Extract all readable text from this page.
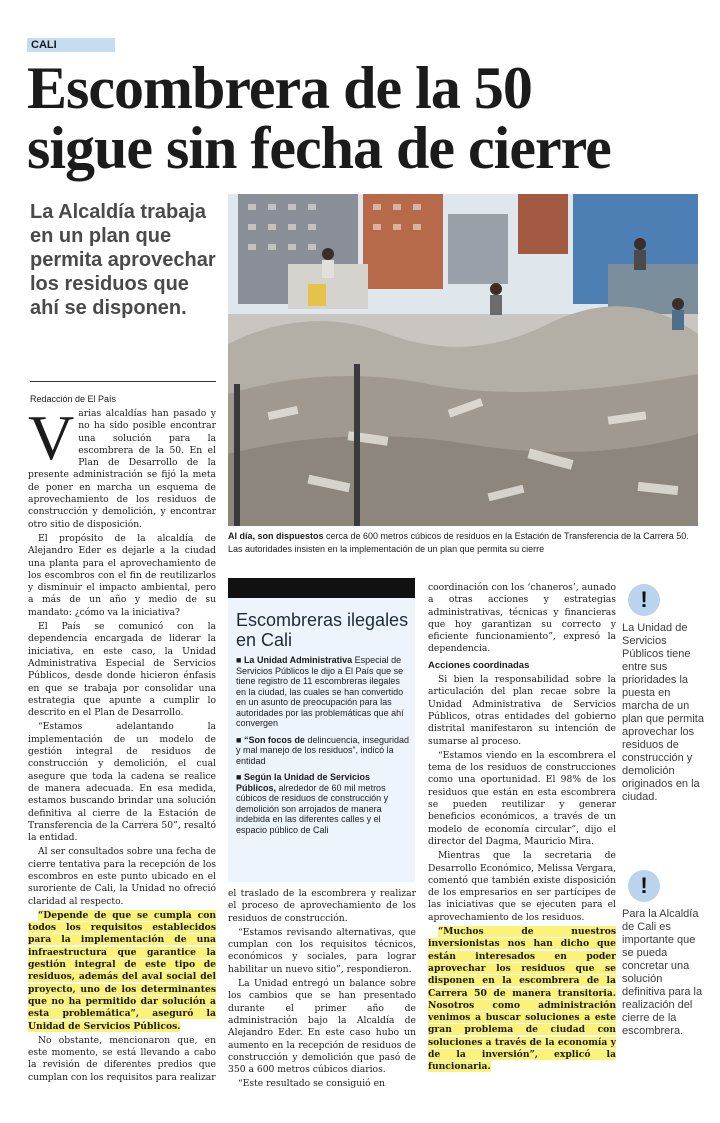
CALI
Escombrera de la 50
sigue sin fecha de cierre
La Alcaldía trabaja en un plan que permita aprovechar los residuos que ahí se disponen.
Redacción de El País
V arias alcaldías han pasado y no ha sido posible encontrar una solución para la escombrera de la 50. En el Plan de Desarrollo de la presente administración se fijó la meta de poner en marcha un esquema de aprovechamiento de los residuos de construcción y demolición, y encontrar otro sitio de disposición.

El propósito de la alcaldía de Alejandro Eder es dejarle a la ciudad una planta para el aprovechamiento de los escombros con el fin de reutilizarlos y disminuir el impacto ambiental, pero a más de un año y medio de su mandato: ¿cómo va la iniciativa?

El País se comunicó con la dependencia encargada de liderar la iniciativa, en este caso, la Unidad Administrativa Especial de Servicios Públicos, desde donde hicieron énfasis en que se trabaja por consolidar una estrategia que apunte a cumplir lo descrito en el Plan de Desarrollo.

“Estamos adelantando la implementación de un modelo de gestión integral de residuos de construcción y demolición, el cual asegure que toda la cadena se realice de manera adecuada. En esa medida, estamos buscando brindar una solución definitiva al cierre de la Estación de Transferencia de la Carrera 50”, resaltó la entidad.

Al ser consultados sobre una fecha de cierre tentativa para la recepción de los escombros en este punto ubicado en el suroriente de Cali, la Unidad no ofreció claridad al respecto.

“Depende de que se cumpla con todos los requisitos establecidos para la implementación de una infraestructura que garantice la gestión integral de este tipo de residuos, además del aval social del proyecto, uno de los determinantes que no ha permitido dar solución a esta problemática”, aseguró la Unidad de Servicios Públicos.

No obstante, mencionaron que, en este momento, se está llevando a cabo la revisión de diferentes predios que cumplan con los requisitos para realizar

Al día, son dispuestos cerca de 600 metros cúbicos de residuos en la Estación de Transferencia de la Carrera 50. Las autoridades insisten en la implementación de un plan que permita su cierre
Escombreras ilegales en Cali
■ La Unidad Administrativa Especial de Servicios Públicos le dijo a El País que se tiene registro de 11 escombreras ilegales en la ciudad, las cuales se han convertido en un asunto de preocupación para las autoridades por las problemáticas que ahí convergen
■ “Son focos de delincuencia, inseguridad y mal manejo de los residuos”, indicó la entidad
■ Según la Unidad de Servicios Públicos, alrededor de 60 mil metros cúbicos de residuos de construcción y demolición son arrojados de manera indebida en las diferentes calles y el espacio público de Cali

el traslado de la escombrera y realizar el proceso de aprovechamiento de los residuos de construcción.

“Estamos revisando alternativas, que cumplan con los requisitos técnicos, económicos y sociales, para lograr habilitar un nuevo sitio”, respondieron.

La Unidad entregó un balance sobre los cambios que se han presentado durante el primer año de administración bajo la Alcaldía de Alejandro Eder. En este caso hubo un aumento en la recepción de residuos de construcción y demolición que pasó de 350 a 600 metros cúbicos diarios.

“Este resultado se consiguió en

coordinación con los ‘chaneros’, aunado a otras acciones y estrategias administrativas, técnicas y financieras que hoy garantizan su correcto y eficiente funcionamiento”, expresó la dependencia.

Acciones coordinadas

Si bien la responsabilidad sobre la articulación del plan recae sobre la Unidad Administrativa de Servicios Públicos, otras entidades del gobierno distrital manifestaron su intención de sumarse al proceso.

“Estamos viendo en la escombrera el tema de los residuos de construcciones como una oportunidad. El 98% de los residuos que están en esta escombrera se pueden reutilizar y generar beneficios económicos, a través de un modelo de economía circular”, dijo el director del Dagma, Mauricio Mira.

Mientras que la secretaria de Desarrollo Económico, Melissa Vergara, comentó que también existe disposición de los empresarios en ser partícipes de las iniciativas que se ejecuten para el aprovechamiento de los residuos.

“Muchos de nuestros inversionistas nos han dicho que están interesados en poder aprovechar los residuos que se disponen en la escombrera de la Carrera 50 de manera transitoria. Nosotros como administración venimos a buscar soluciones a este gran problema de ciudad con soluciones a través de la economía y de la inversión”, explicó la funcionaria.

!
La Unidad de Servicios Públicos tiene entre sus prioridades la puesta en marcha de un plan que permita aprovechar los residuos de construcción y demolición originados en la ciudad.
!
Para la Alcaldía de Cali es importante que se pueda concretar una solución definitiva para la realización del cierre de la escombrera.
